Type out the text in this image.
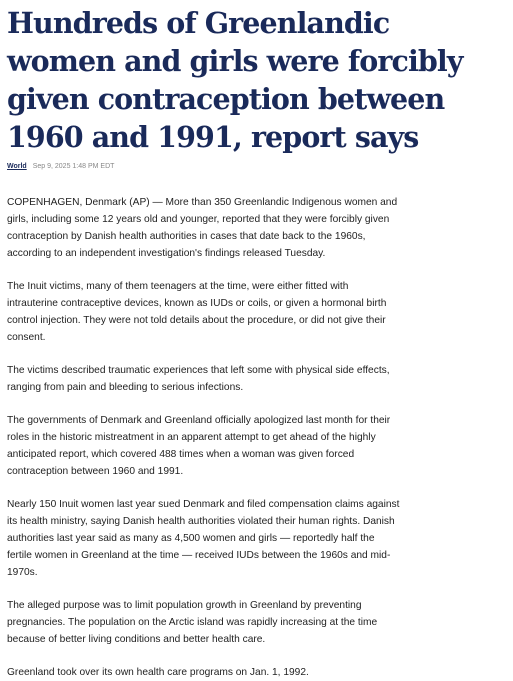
Hundreds of Greenlandic women and girls were forcibly given contraception between 1960 and 1991, report says
World Sep 9, 2025 1:48 PM EDT

COPENHAGEN, Denmark (AP) — More than 350 Greenlandic Indigenous women and girls, including some 12 years old and younger, reported that they were forcibly given contraception by Danish health authorities in cases that date back to the 1960s, according to an independent investigation's findings released Tuesday.

The Inuit victims, many of them teenagers at the time, were either fitted with intrauterine contraceptive devices, known as IUDs or coils, or given a hormonal birth control injection. They were not told details about the procedure, or did not give their consent.

The victims described traumatic experiences that left some with physical side effects, ranging from pain and bleeding to serious infections.

The governments of Denmark and Greenland officially apologized last month for their roles in the historic mistreatment in an apparent attempt to get ahead of the highly anticipated report, which covered 488 times when a woman was given forced contraception between 1960 and 1991.

Nearly 150 Inuit women last year sued Denmark and filed compensation claims against its health ministry, saying Danish health authorities violated their human rights. Danish authorities last year said as many as 4,500 women and girls — reportedly half the fertile women in Greenland at the time — received IUDs between the 1960s and mid-1970s.

The alleged purpose was to limit population growth in Greenland by preventing pregnancies. The population on the Arctic island was rapidly increasing at the time because of better living conditions and better health care.

Greenland took over its own health care programs on Jan. 1, 1992.
